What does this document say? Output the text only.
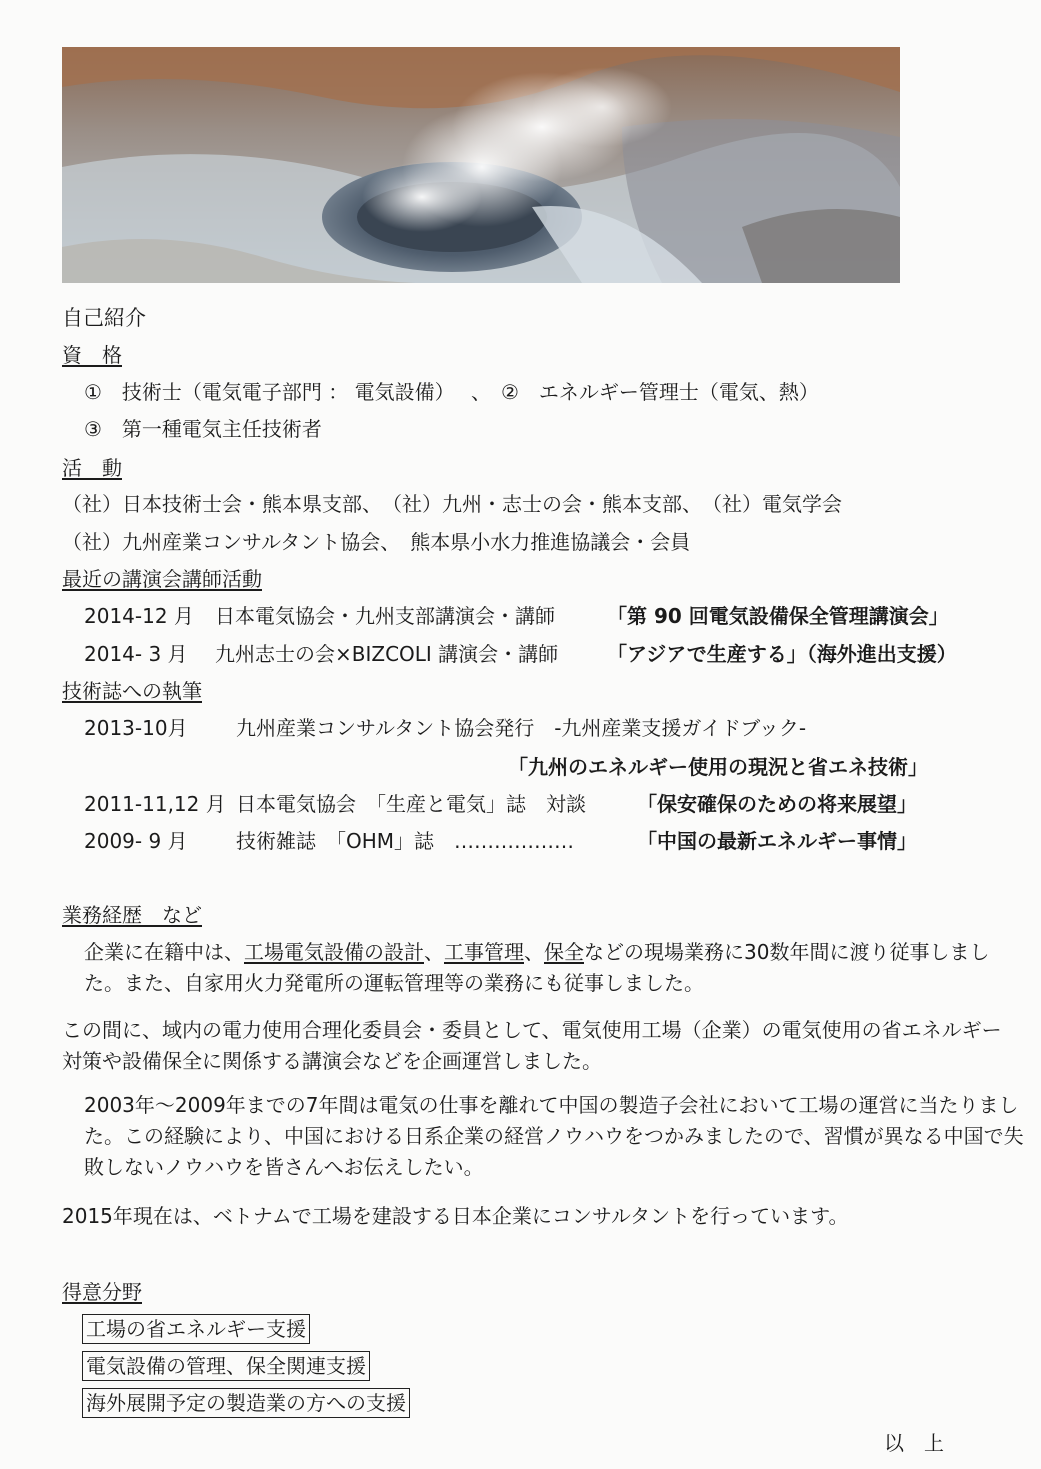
自己紹介
資　格
①　技術士（電気電子部門 ： 電気設備）　 、　②　エネルギー管理士（電気、熱）
③　第一種電気主任技術者
活　動
（社）日本技術士会・熊本県支部、　（社）九州・志士の会・熊本支部、　（社）電気学会
（社）九州産業コンサルタント協会、　熊本県小水力推進協議会・会員
最近の講演会講師活動
2014-12 月 日本電気協会・九州支部講演会・講師	「第 90 回電気設備保全管理講演会」
2014- 3 月 九州志士の会×BIZCOLI 講演会・講師 「アジアで生産する」（海外進出支援）
技術誌への執筆
2013-10月 九州産業コンサルタント協会発行　-九州産業支援ガイドブック-
「九州のエネルギー使用の現況と省エネ技術」
2011-11,12 月 日本電気協会　「生産と電気」誌　対談	「保安確保のための将来展望」
2009- 9 月 技術雑誌　「OHM」誌　………………	「中国の最新エネルギー事情」
業務経歴　など

企業に在籍中は、工場電気設備の設計、工事管理、保全などの現場業務に30数年間に渡り従事しました。また、自家用火力発電所の運転管理等の業務にも従事しました。

この間に、域内の電力使用合理化委員会・委員として、電気使用工場（企業）の電気使用の省エネルギー対策や設備保全に関係する講演会などを企画運営しました。

2003年～2009年までの7年間は電気の仕事を離れて中国の製造子会社において工場の運営に当たりました。この経験により、中国における日系企業の経営ノウハウをつかみましたので、習慣が異なる中国で失敗しないノウハウを皆さんへお伝えしたい。

2015年現在は、ベトナムで工場を建設する日本企業にコンサルタントを行っています。

得意分野
工場の省エネルギー支援
電気設備の管理、保全関連支援
海外展開予定の製造業の方への支援
以　上
